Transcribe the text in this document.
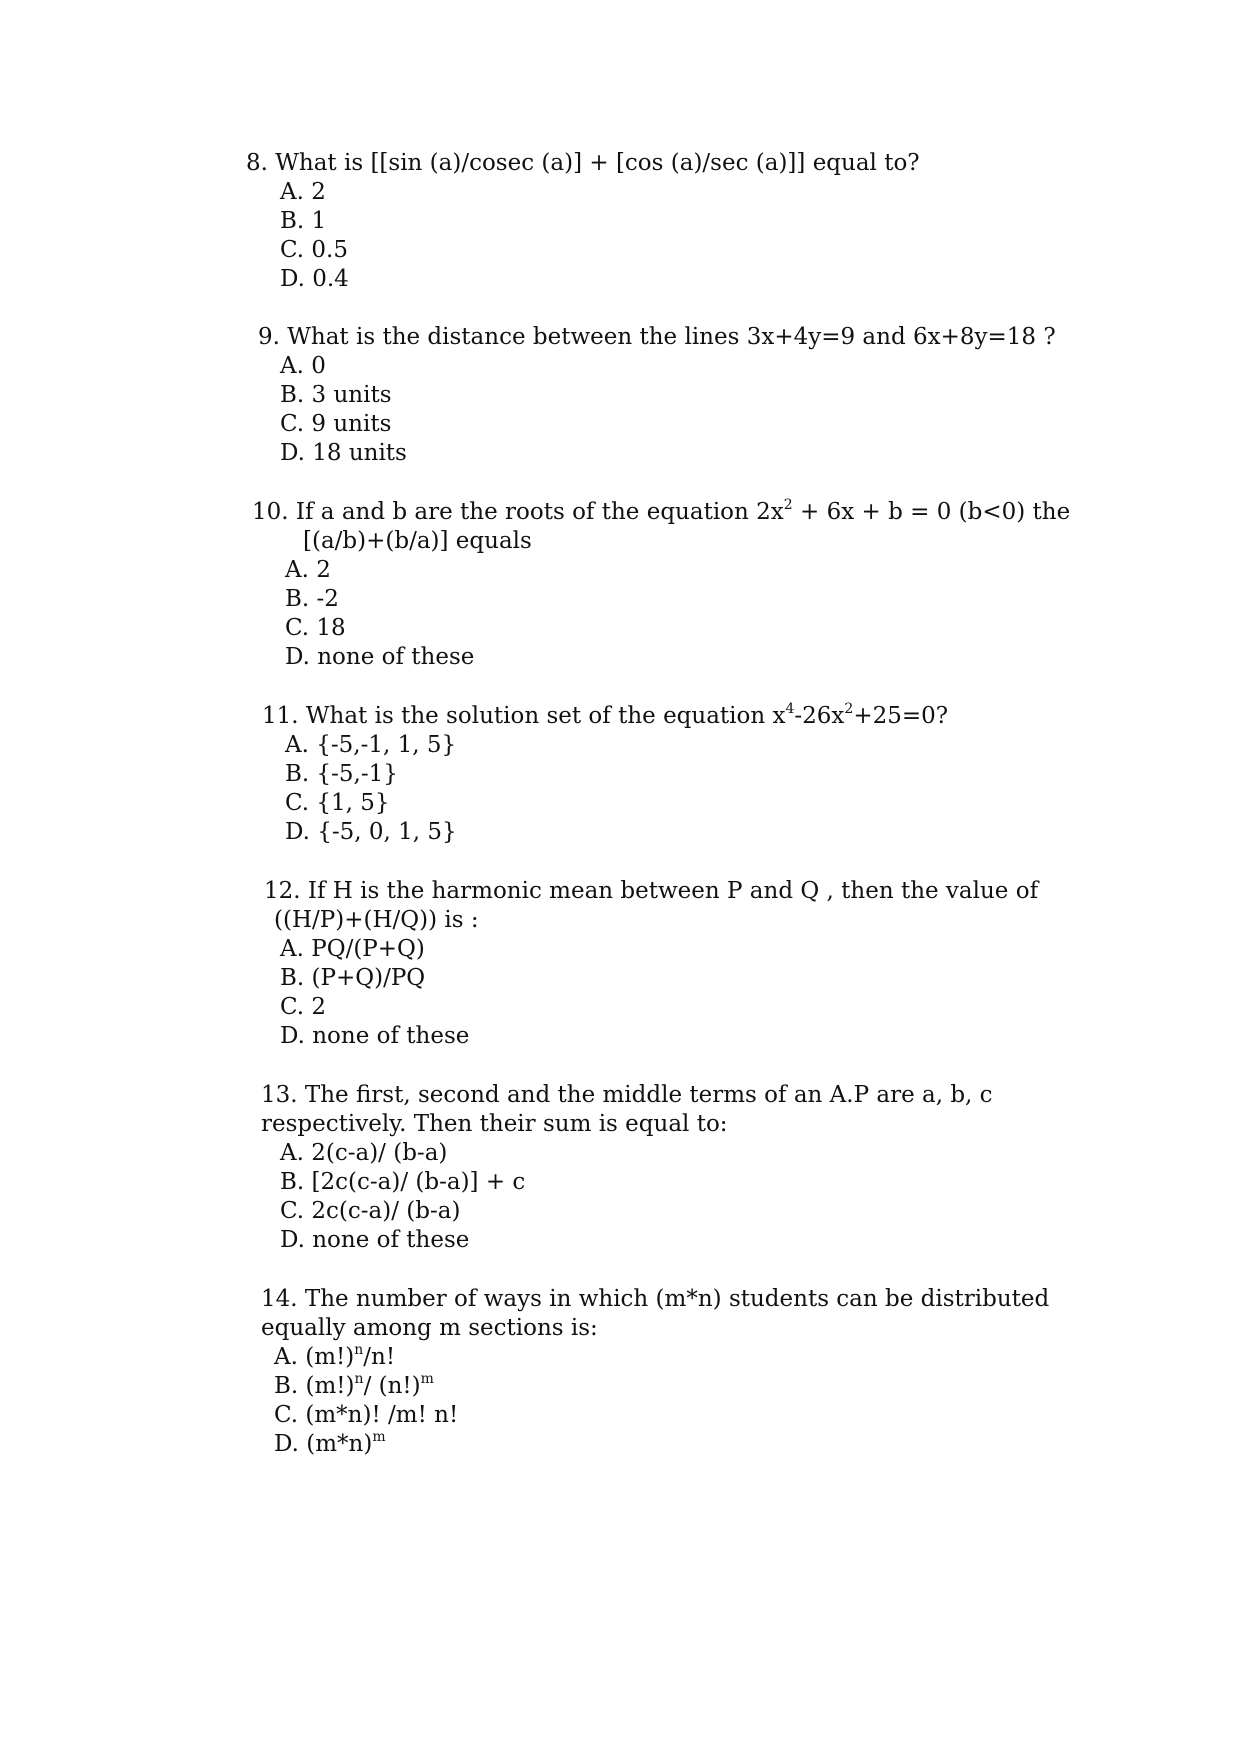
8. What is [[sin (a)/cosec (a)] + [cos (a)/sec (a)]] equal to?
A. 2
B. 1
C. 0.5
D. 0.4
9. What is the distance between the lines 3x+4y=9 and 6x+8y=18 ?
A. 0
B. 3 units
C. 9 units
D. 18 units
10. If a and b are the roots of the equation $2x^2 + 6x + b = 0$ (b<0) the
[(a/b)+(b/a)] equals
A. 2
B. -2
C. 18
D. none of these
11. What is the solution set of the equation $x^4-26x^2+25=0$?
A. {-5,-1, 1, 5}
B. {-5,-1}
C. {1, 5}
D. {-5, 0, 1, 5}
12. If H is the harmonic mean between P and Q , then the value of
((H/P)+(H/Q)) is :
A. PQ/(P+Q)
B. (P+Q)/PQ
C. 2
D. none of these
13. The first, second and the middle terms of an A.P are a, b, c
respectively. Then their sum is equal to:
A. 2(c-a)/ (b-a)
B. [2c(c-a)/ (b-a)] + c
C. 2c(c-a)/ (b-a)
D. none of these
14. The number of ways in which (m*n) students can be distributed
equally among m sections is:
A. $(m!)^n/n$!
B. $(m!)^n/$ $(n!)^m$
C. (m*n)! /m! n!
D. $(m*n)^m$
